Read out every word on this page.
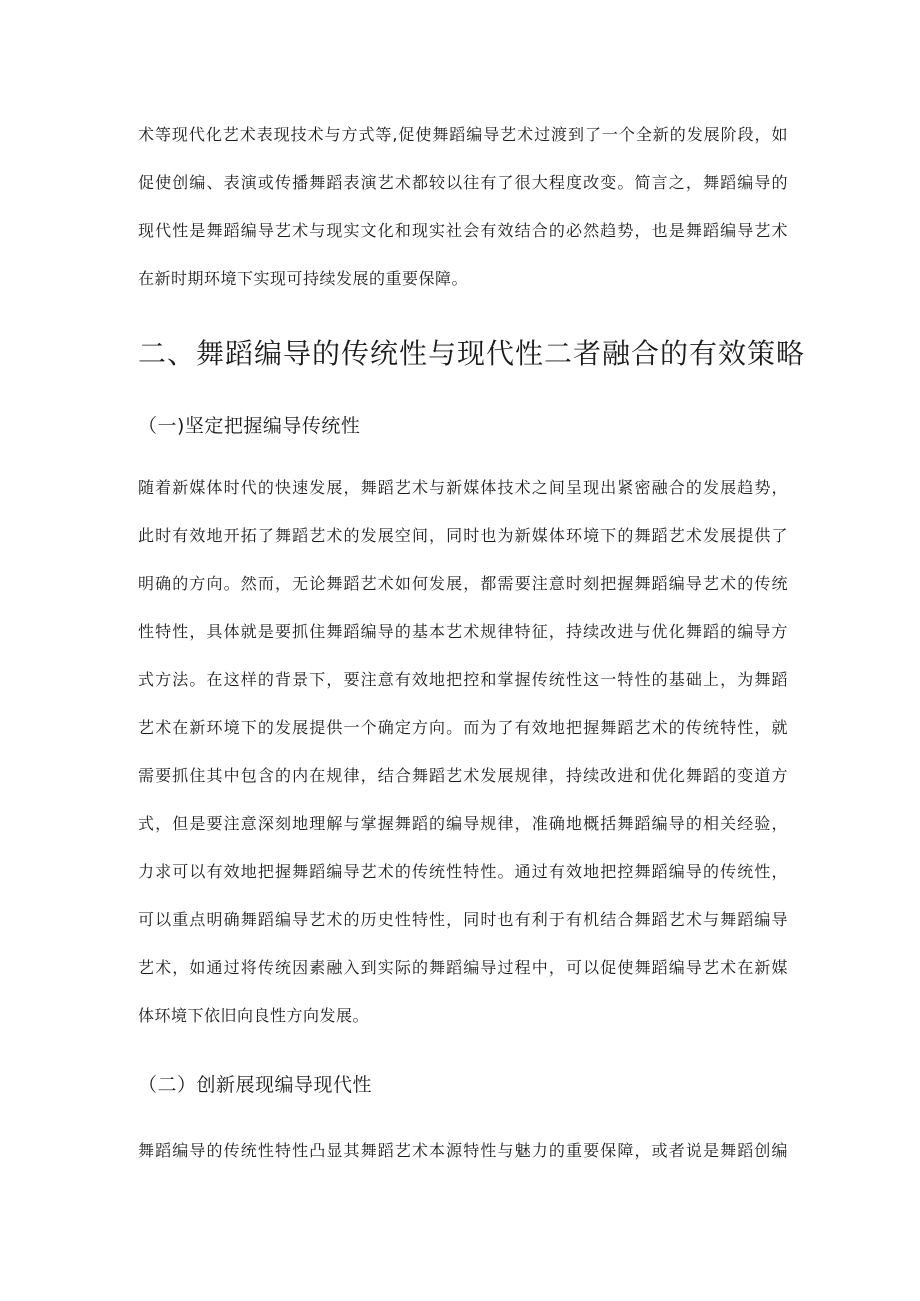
术等现代化艺术表现技术与方式等,促使舞蹈编导艺术过渡到了一个全新的发展阶段，如
促使创编、表演或传播舞蹈表演艺术都较以往有了很大程度改变。简言之，舞蹈编导的
现代性是舞蹈编导艺术与现实文化和现实社会有效结合的必然趋势，也是舞蹈编导艺术
在新时期环境下实现可持续发展的重要保障。
二、舞蹈编导的传统性与现代性二者融合的有效策略
（一)坚定把握编导传统性
随着新媒体时代的快速发展，舞蹈艺术与新媒体技术之间呈现出紧密融合的发展趋势，
此时有效地开拓了舞蹈艺术的发展空间，同时也为新媒体环境下的舞蹈艺术发展提供了
明确的方向。然而，无论舞蹈艺术如何发展，都需要注意时刻把握舞蹈编导艺术的传统
性特性，具体就是要抓住舞蹈编导的基本艺术规律特征，持续改进与优化舞蹈的编导方
式方法。在这样的背景下，要注意有效地把控和掌握传统性这一特性的基础上，为舞蹈
艺术在新环境下的发展提供一个确定方向。而为了有效地把握舞蹈艺术的传统特性，就
需要抓住其中包含的内在规律，结合舞蹈艺术发展规律，持续改进和优化舞蹈的变道方
式，但是要注意深刻地理解与掌握舞蹈的编导规律，准确地概括舞蹈编导的相关经验，
力求可以有效地把握舞蹈编导艺术的传统性特性。通过有效地把控舞蹈编导的传统性，
可以重点明确舞蹈编导艺术的历史性特性，同时也有利于有机结合舞蹈艺术与舞蹈编导
艺术，如通过将传统因素融入到实际的舞蹈编导过程中，可以促使舞蹈编导艺术在新媒
体环境下依旧向良性方向发展。
（二）创新展现编导现代性
舞蹈编导的传统性特性凸显其舞蹈艺术本源特性与魅力的重要保障，或者说是舞蹈创编
